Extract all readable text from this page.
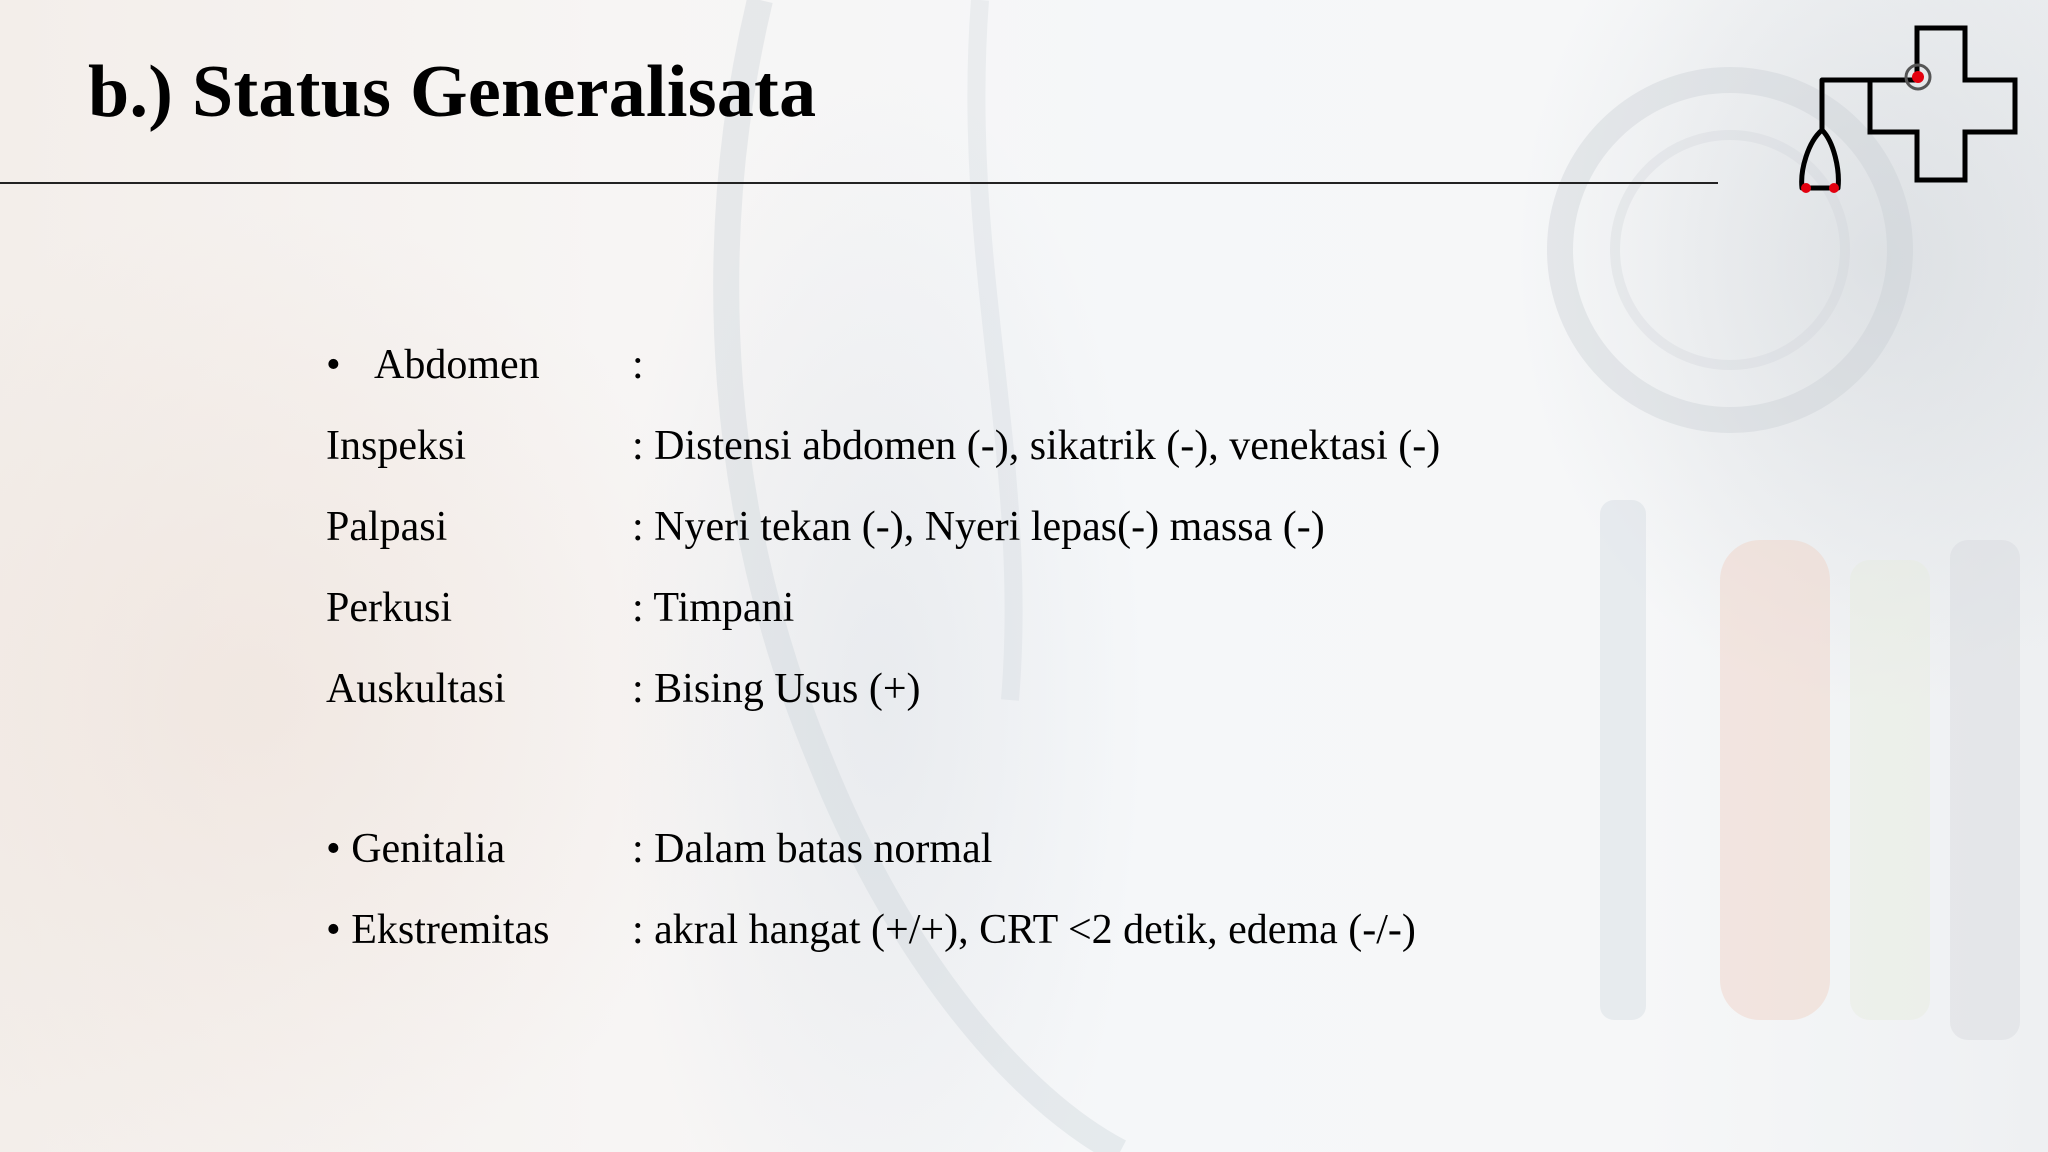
b.) Status Generalisata
• Abdomen :
Inspeksi	: Distensi abdomen (-), sikatrik (-), venektasi (-)
Palpasi	: Nyeri tekan (-), Nyeri lepas(-) massa (-)
Perkusi	: Timpani
Auskultasi	: Bising Usus (+)
• Genitalia	: Dalam batas normal
• Ekstremitas : akral hangat (+/+), CRT <2 detik, edema (-/-)
